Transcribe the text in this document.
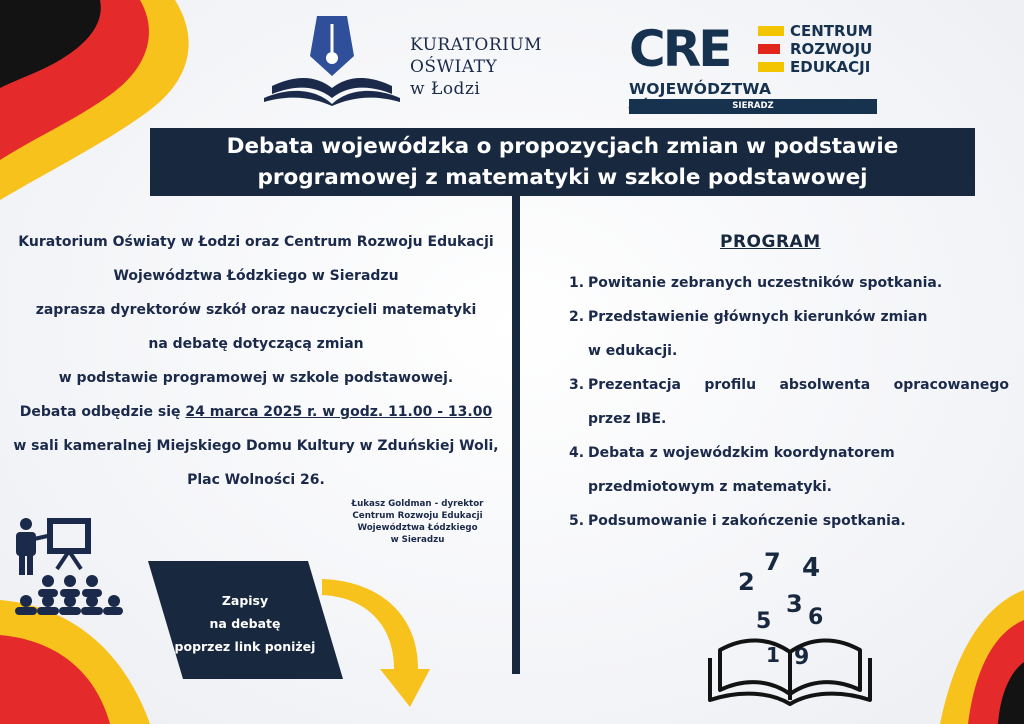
KURATORIUM
OŚWIATY
w Łodzi
CRE	CENTRUM
ROZWOJU
EDUKACJI
WOJEWÓDZTWA
SIERADZ
Debata wojewódzka o propozycjach zmian w podstawie
programowej z matematyki w szkole podstawowej

Kuratorium Oświaty w Łodzi oraz Centrum Rozwoju Edukacji

Województwa Łódzkiego w Sieradzu

zaprasza dyrektorów szkół oraz nauczycieli matematyki

na debatę dotyczącą zmian

w podstawie programowej w szkole podstawowej.

Debata odbędzie się 24 marca 2025 r. w godz. 11.00 - 13.00

w sali kameralnej Miejskiego Domu Kultury w Zduńskiej Woli,

Plac Wolności 26.

Łukasz Goldman - dyrektor
Centrum Rozwoju Edukacji
Województwa Łódzkiego
w Sieradzu
Zapisy
na debatę
poprzez link poniżej
PROGRAM
1. Powitanie zebranych uczestników spotkania.
2. Przedstawienie głównych kierunków zmian
w edukacji.
3. Prezentacja profilu absolwenta opracowanego
przez IBE.
4. Debata z wojewódzkim koordynatorem
przedmiotowym z matematyki.
5. Podsumowanie i zakończenie spotkania.
2
7 4
5
3 6
1 9
